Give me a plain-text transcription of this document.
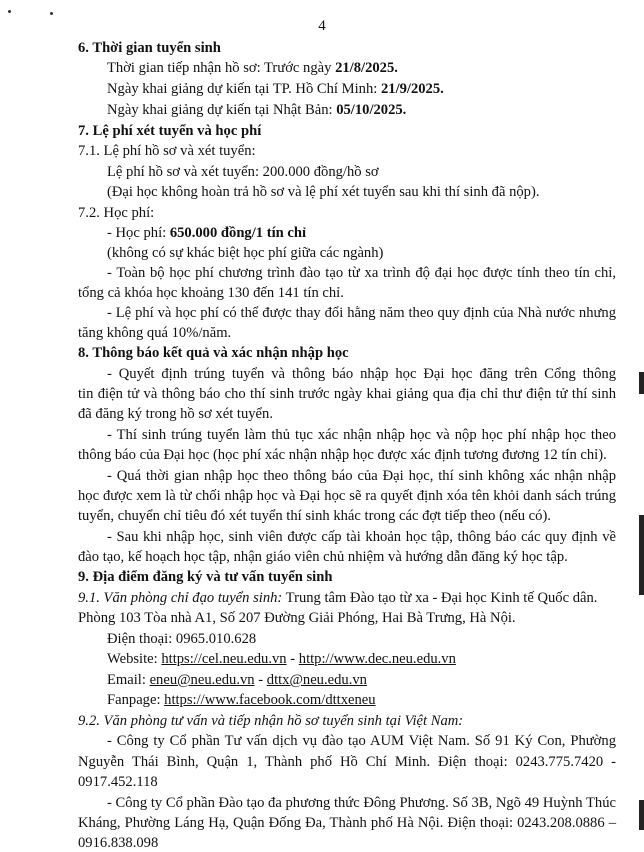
4
6. Thời gian tuyển sinh
Thời gian tiếp nhận hồ sơ: Trước ngày 21/8/2025.
Ngày khai giảng dự kiến tại TP. Hồ Chí Minh: 21/9/2025.
Ngày khai giảng dự kiến tại Nhật Bản: 05/10/2025.
7. Lệ phí xét tuyển và học phí
7.1. Lệ phí hồ sơ và xét tuyển:
Lệ phí hồ sơ và xét tuyển: 200.000 đồng/hồ sơ
(Đại học không hoàn trả hồ sơ và lệ phí xét tuyển sau khi thí sinh đã nộp).
7.2. Học phí:
- Học phí: 650.000 đồng/1 tín chỉ
(không có sự khác biệt học phí giữa các ngành)
- Toàn bộ học phí chương trình đào tạo từ xa trình độ đại học được tính theo tín chỉ,
tổng cả khóa học khoảng 130 đến 141 tín chỉ.
- Lệ phí và học phí có thể được thay đổi hằng năm theo quy định của Nhà nước nhưng
tăng không quá 10%/năm.
8. Thông báo kết quả và xác nhận nhập học
- Quyết định trúng tuyển và thông báo nhập học Đại học đăng trên Cổng thông
tin điện tử và thông báo cho thí sinh trước ngày khai giảng qua địa chỉ thư điện tử thí sinh
đã đăng ký trong hồ sơ xét tuyển.
- Thí sinh trúng tuyển làm thủ tục xác nhận nhập học và nộp học phí nhập học theo
thông báo của Đại học (học phí xác nhận nhập học được xác định tương đương 12 tín chỉ).
- Quá thời gian nhập học theo thông báo của Đại học, thí sinh không xác nhận nhập
học được xem là từ chối nhập học và Đại học sẽ ra quyết định xóa tên khỏi danh sách trúng
tuyển, chuyển chỉ tiêu đó xét tuyển thí sinh khác trong các đợt tiếp theo (nếu có).
- Sau khi nhập học, sinh viên được cấp tài khoản học tập, thông báo các quy định về
đào tạo, kế hoạch học tập, nhận giáo viên chủ nhiệm và hướng dẫn đăng ký học tập.
9. Địa điểm đăng ký và tư vấn tuyển sinh
9.1. Văn phòng chỉ đạo tuyển sinh: Trung tâm Đào tạo từ xa - Đại học Kinh tế Quốc dân.
Phòng 103 Tòa nhà A1, Số 207 Đường Giải Phóng, Hai Bà Trưng, Hà Nội.
Điện thoại: 0965.010.628
Website: https://cel.neu.edu.vn - http://www.dec.neu.edu.vn
Email: eneu@neu.edu.vn - dttx@neu.edu.vn
Fanpage: https://www.facebook.com/dttxeneu
9.2. Văn phòng tư vấn và tiếp nhận hồ sơ tuyển sinh tại Việt Nam:
- Công ty Cổ phần Tư vấn dịch vụ đào tạo AUM Việt Nam. Số 91 Ký Con, Phường
Nguyễn Thái Bình, Quận 1, Thành phố Hồ Chí Minh. Điện thoại: 0243.775.7420 -
0917.452.118
- Công ty Cổ phần Đào tạo đa phương thức Đông Phương. Số 3B, Ngõ 49 Huỳnh Thúc
Kháng, Phường Láng Hạ, Quận Đống Đa, Thành phố Hà Nội. Điện thoại: 0243.208.0886 –
0916.838.098
